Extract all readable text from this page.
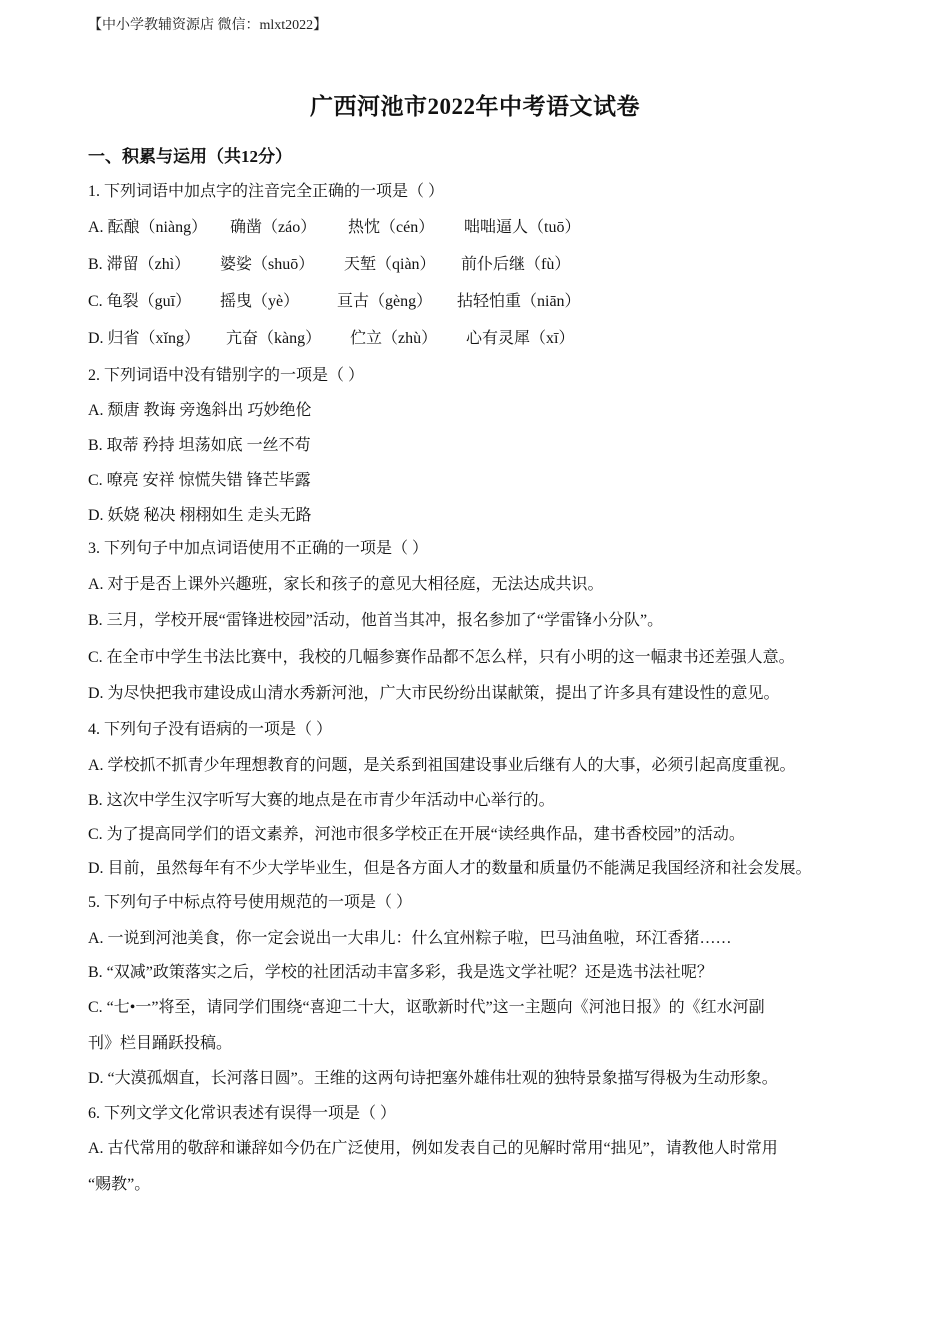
【中小学教辅资源店 微信：mlxt2022】
广西河池市2022年中考语文试卷
一、积累与运用（共12分）
1. 下列词语中加点字的注音完全正确的一项是（ ）
A. 酝酿（niàng） 确凿（záo） 热忱（cén） 咄咄逼人（tuō）
B. 滞留（zhì） 婆娑（shuō） 天堑（qiàn） 前仆后继（fù）
C. 龟裂（guī） 摇曳（yè） 亘古（gèng） 拈轻怕重（niān）
D. 归省（xǐng） 亢奋（kàng） 伫立（zhù） 心有灵犀（xī）
2. 下列词语中没有错别字的一项是（ ）
A. 颓唐 教诲 旁逸斜出 巧妙绝伦
B. 取蒂 矜持 坦荡如底 一丝不苟
C. 嘹亮 安祥 惊慌失错 锋芒毕露
D. 妖娆 秘决 栩栩如生 走头无路
3. 下列句子中加点词语使用不正确的一项是（ ）
A. 对于是否上课外兴趣班，家长和孩子的意见大相径庭，无法达成共识。
B. 三月，学校开展“雷锋进校园”活动，他首当其冲，报名参加了“学雷锋小分队”。
C. 在全市中学生书法比赛中，我校的几幅参赛作品都不怎么样，只有小明的这一幅隶书还差强人意。
D. 为尽快把我市建设成山清水秀新河池，广大市民纷纷出谋献策，提出了许多具有建设性的意见。
4. 下列句子没有语病的一项是（ ）
A. 学校抓不抓青少年理想教育的问题，是关系到祖国建设事业后继有人的大事，必须引起高度重视。
B. 这次中学生汉字听写大赛的地点是在市青少年活动中心举行的。
C. 为了提高同学们的语文素养，河池市很多学校正在开展“读经典作品，建书香校园”的活动。
D. 目前，虽然每年有不少大学毕业生，但是各方面人才的数量和质量仍不能满足我国经济和社会发展。
5. 下列句子中标点符号使用规范的一项是（ ）
A. 一说到河池美食，你一定会说出一大串儿：什么宜州粽子啦，巴马油鱼啦，环江香猪……
B. “双减”政策落实之后，学校的社团活动丰富多彩，我是选文学社呢？还是选书法社呢？
C. “七•一”将至，请同学们围绕“喜迎二十大，讴歌新时代”这一主题向《河池日报》的《红水河副
刊》栏目踊跃投稿。
D. “大漠孤烟直，长河落日圆”。王维的这两句诗把塞外雄伟壮观的独特景象描写得极为生动形象。
6. 下列文学文化常识表述有误得一项是（ ）
A. 古代常用的敬辞和谦辞如今仍在广泛使用，例如发表自己的见解时常用“拙见”，请教他人时常用
“赐教”。
